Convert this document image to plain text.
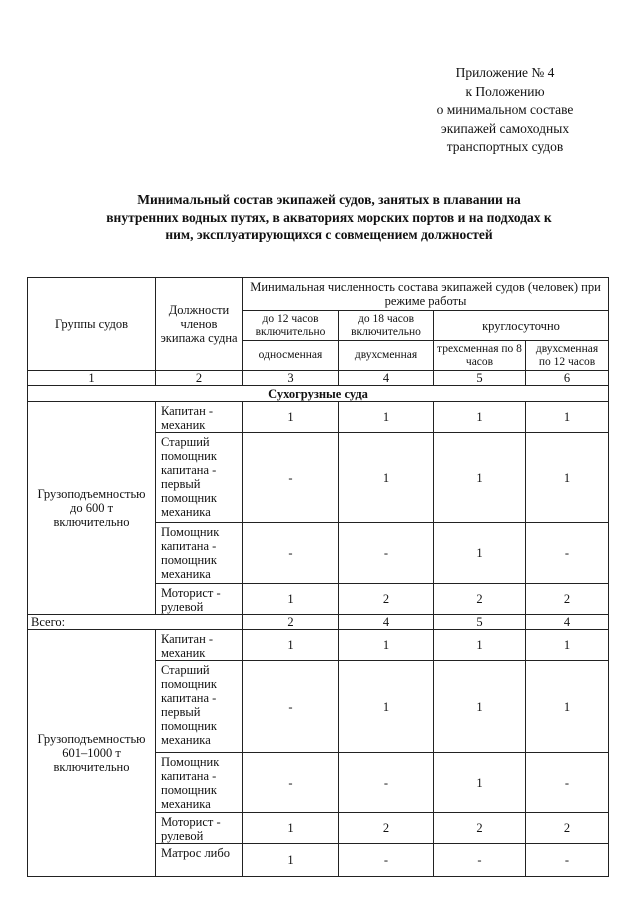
Приложение № 4
к Положению
о минимальном составе
экипажей самоходных
транспортных судов
Минимальный состав экипажей судов, занятых в плавании на
внутренних водных путях, в акваториях морских портов и на подходах к
ним, эксплуатирующихся с совмещением должностей
Группы судов	Должности членов экипажа судна	Минимальная численность состава экипажей судов (человек) при режиме работы			
		до 12 часов включительно	до 18 часов включительно	круглосуточно	
		односменная	двухсменная	трехсменная по 8 часов	двухсменная по 12 часов
1	2	3	4	5	6
Сухогрузные суда					
Грузоподъемностью до 600 т включительно	Капитан - механик	1	1	1	1
	Старший помощник капитана - первый помощник механика	-	1	1	1
	Помощник капитана - помощник механика	-	-	1	-
	Моторист - рулевой	1	2	2	2
Всего:		2	4	5	4
Грузоподъемностью 601–1000 т включительно	Капитан - механик	1	1	1	1
	Старший помощник капитана - первый помощник механика	-	1	1	1
	Помощник капитана - помощник механика	-	-	1	-
	Моторист - рулевой	1	2	2	2
	Матрос либо	1	-	-	-
